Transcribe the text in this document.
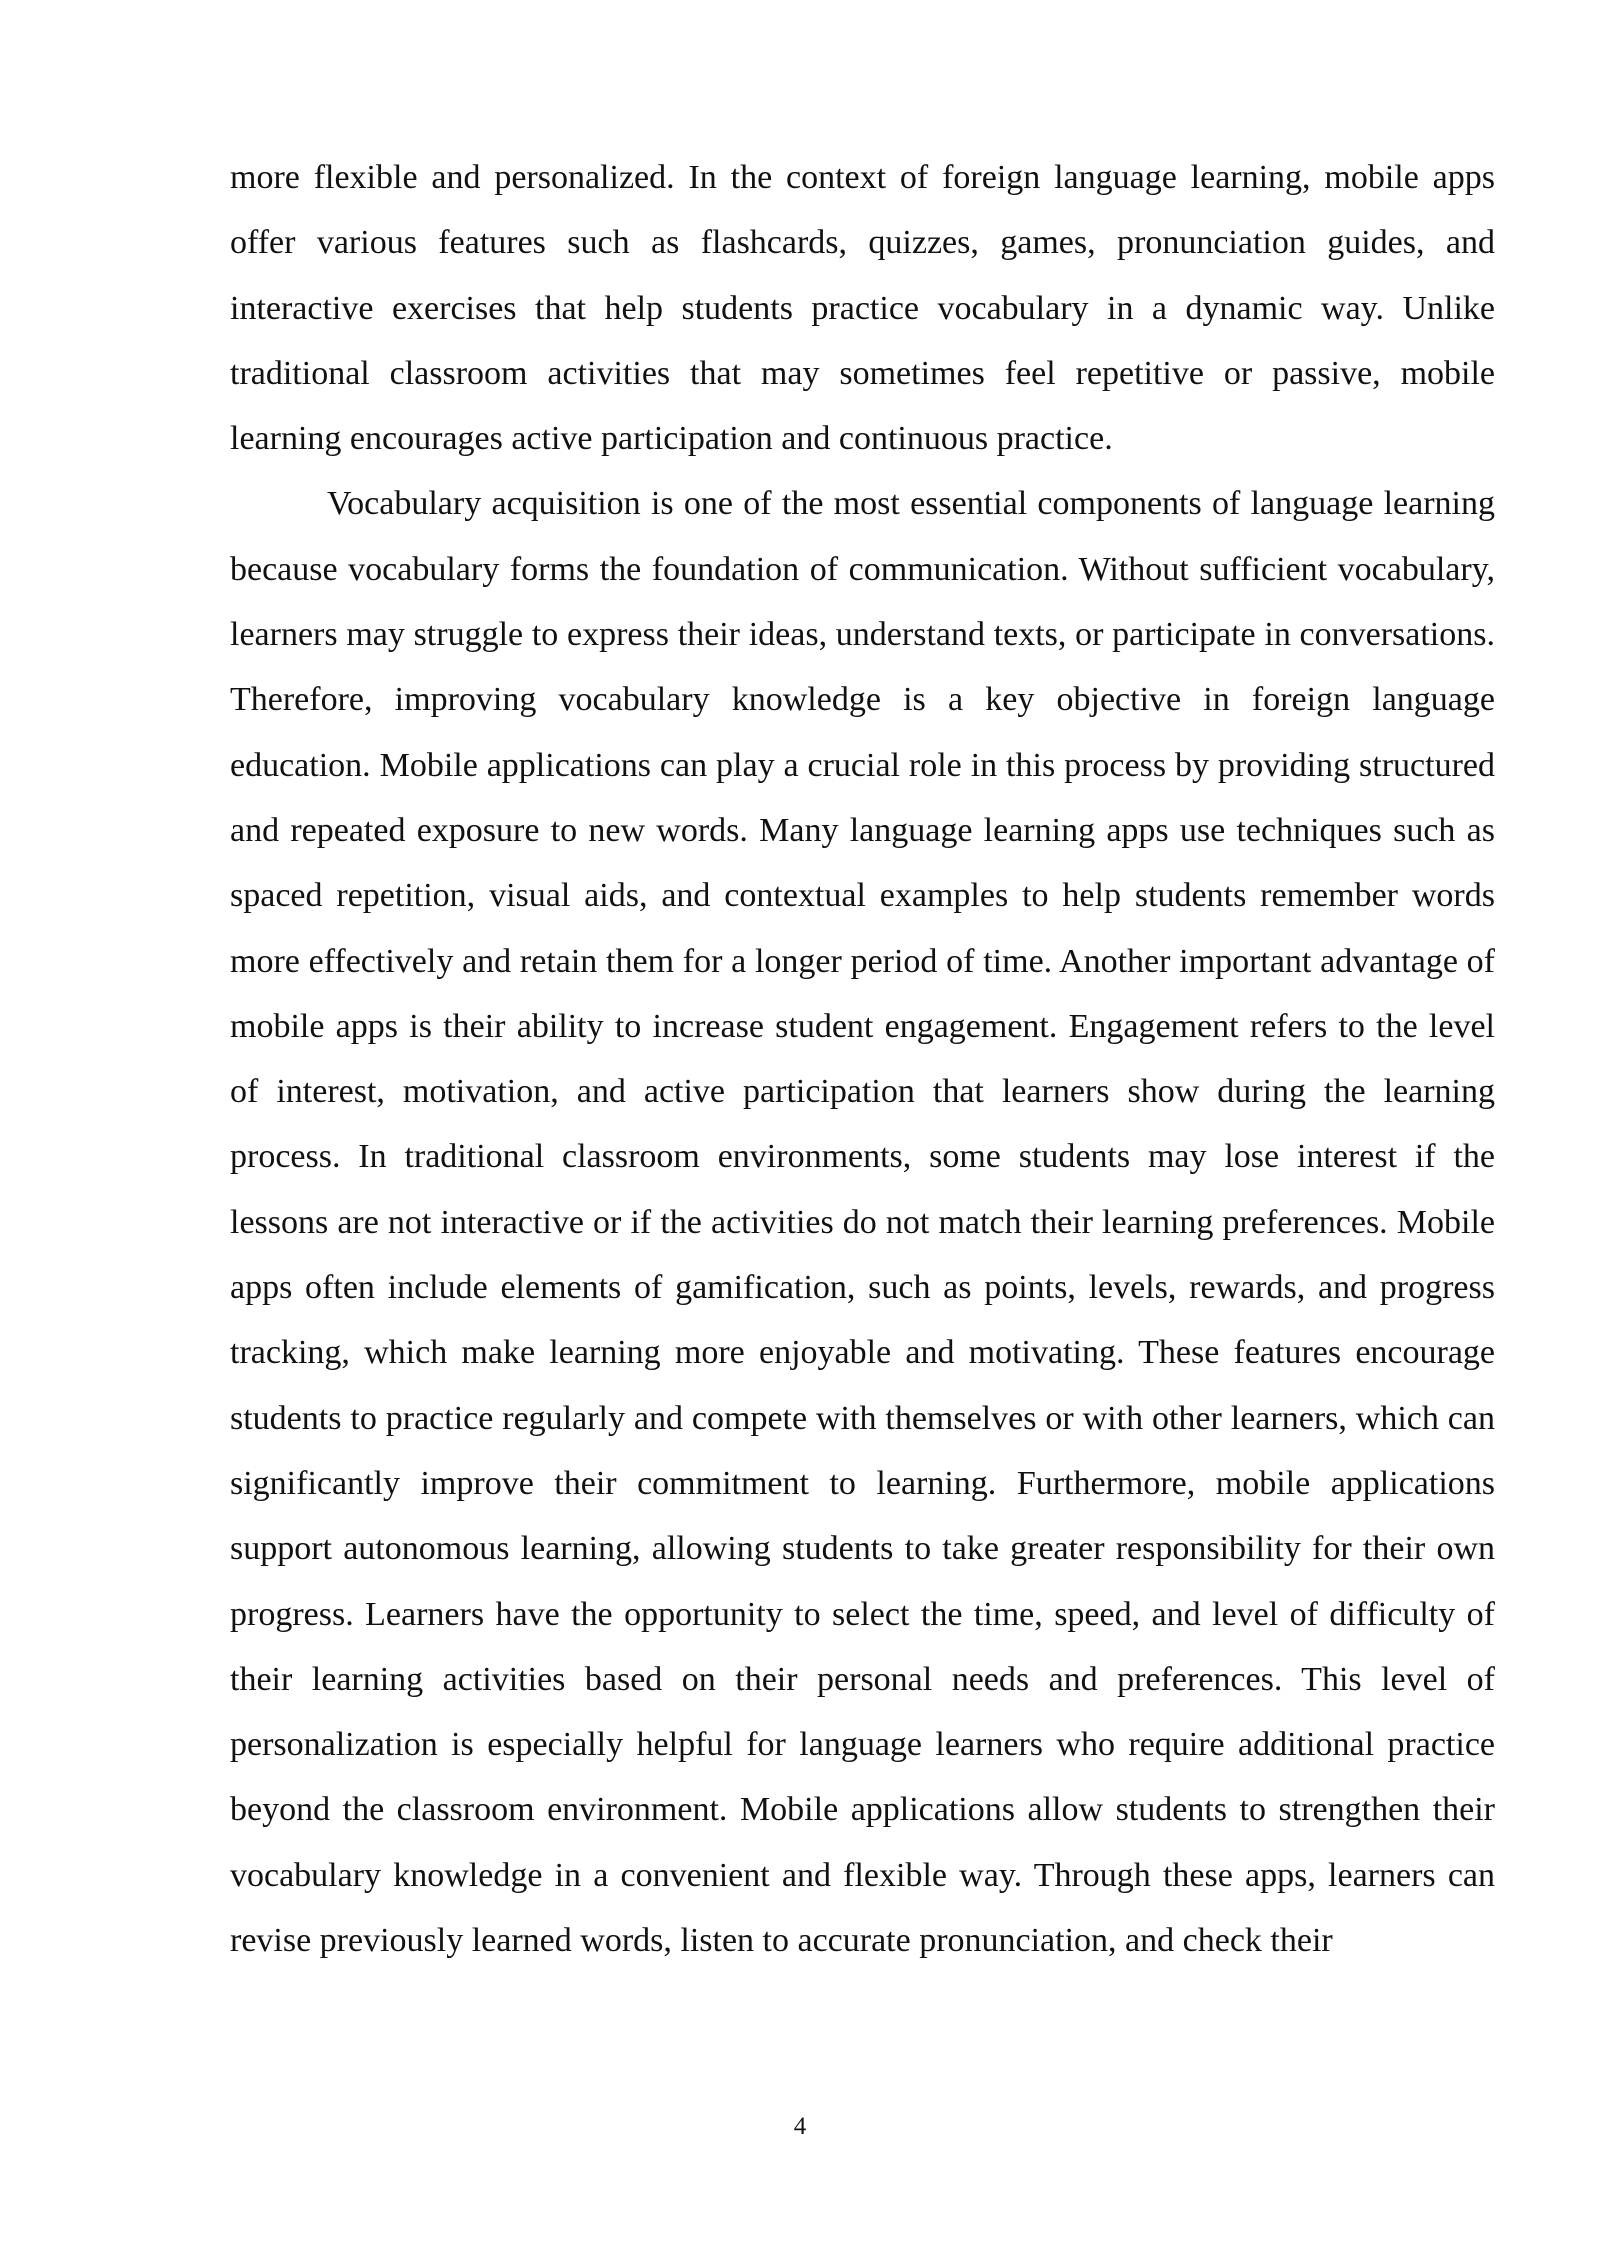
more flexible and personalized. In the context of foreign language learning, mobile apps offer various features such as flashcards, quizzes, games, pronunciation guides, and interactive exercises that help students practice vocabulary in a dynamic way. Unlike traditional classroom activities that may sometimes feel repetitive or passive, mobile learning encourages active participation and continuous practice.

Vocabulary acquisition is one of the most essential components of language learning because vocabulary forms the foundation of communication. Without sufficient vocabulary, learners may struggle to express their ideas, understand texts, or participate in conversations. Therefore, improving vocabulary knowledge is a key objective in foreign language education. Mobile applications can play a crucial role in this process by providing structured and repeated exposure to new words. Many language learning apps use techniques such as spaced repetition, visual aids, and contextual examples to help students remember words more effectively and retain them for a longer period of time. Another important advantage of mobile apps is their ability to increase student engagement. Engagement refers to the level of interest, motivation, and active participation that learners show during the learning process. In traditional classroom environments, some students may lose interest if the lessons are not interactive or if the activities do not match their learning preferences. Mobile apps often include elements of gamification, such as points, levels, rewards, and progress tracking, which make learning more enjoyable and motivating. These features encourage students to practice regularly and compete with themselves or with other learners, which can significantly improve their commitment to learning. Furthermore, mobile applications support autonomous learning, allowing students to take greater responsibility for their own progress. Learners have the opportunity to select the time, speed, and level of difficulty of their learning activities based on their personal needs and preferences. This level of personalization is especially helpful for language learners who require additional practice beyond the classroom environment. Mobile applications allow students to strengthen their vocabulary knowledge in a convenient and flexible way. Through these apps, learners can revise previously learned words, listen to accurate pronunciation, and check their

4
